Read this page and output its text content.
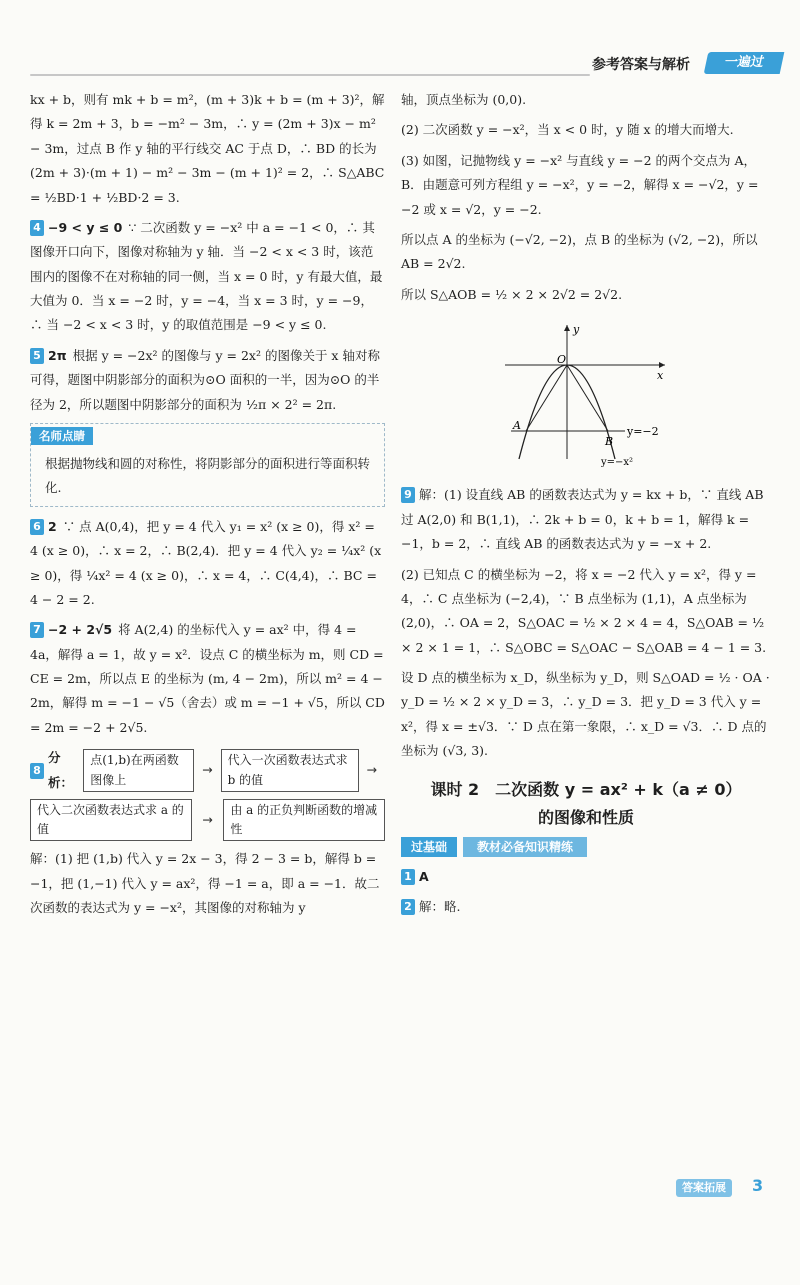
参考答案与解析	一遍过

kx + b，则有 mk + b = m²，(m + 3)k + b = (m + 3)²，解得 k = 2m + 3，b = −m² − 3m，∴ y = (2m + 3)x − m² − 3m，过点 B 作 y 轴的平行线交 AC 于点 D，∴ BD 的长为 (2m + 3)·(m + 1) − m² − 3m − (m + 1)² = 2，∴ S△ABC = ½BD·1 + ½BD·2 = 3.

4 −9 < y ≤ 0 ∵ 二次函数 y = −x² 中 a = −1 < 0，∴ 其图像开口向下，图像对称轴为 y 轴．当 −2 < x < 3 时，该范围内的图像不在对称轴的同一侧，当 x = 0 时，y 有最大值，最大值为 0．当 x = −2 时，y = −4，当 x = 3 时，y = −9，∴ 当 −2 < x < 3 时，y 的取值范围是 −9 < y ≤ 0.

5 2π 根据 y = −2x² 的图像与 y = 2x² 的图像关于 x 轴对称可得，题图中阴影部分的面积为⊙O 面积的一半，因为⊙O 的半径为 2，所以题图中阴影部分的面积为 ½π × 2² = 2π.

名师点睛
根据抛物线和圆的对称性，将阴影部分的面积进行等面积转化.

6 2 ∵ 点 A(0,4)，把 y = 4 代入 y₁ = x² (x ≥ 0)，得 x² = 4 (x ≥ 0)，∴ x = 2，∴ B(2,4)．把 y = 4 代入 y₂ = ¼x² (x ≥ 0)，得 ¼x² = 4 (x ≥ 0)，∴ x = 4，∴ C(4,4)，∴ BC = 4 − 2 = 2.

7 −2 + 2√5 将 A(2,4) 的坐标代入 y = ax² 中，得 4 = 4a，解得 a = 1，故 y = x²．设点 C 的横坐标为 m，则 CD = CE = 2m，所以点 E 的坐标为 (m, 4 − 2m)，所以 m² = 4 − 2m，解得 m = −1 − √5（舍去）或 m = −1 + √5，所以 CD = 2m = −2 + 2√5.

8
分析：
点(1,b)在两函数图像上
→
代入一次函数表达式求 b 的值
→
代入二次函数表达式求 a 的值
→
由 a 的正负判断函数的增减性

解：(1) 把 (1,b) 代入 y = 2x − 3，得 2 − 3 = b，解得 b = −1，把 (1,−1) 代入 y = ax²，得 −1 = a，即 a = −1．故二次函数的表达式为 y = −x²，其图像的对称轴为 y

轴，顶点坐标为 (0,0).

(2) 二次函数 y = −x²，当 x < 0 时，y 随 x 的增大而增大.

(3) 如图，记抛物线 y = −x² 与直线 y = −2 的两个交点为 A，B．由题意可列方程组 y = −x²，y = −2，解得 x = −√2，y = −2 或 x = √2，y = −2.

所以点 A 的坐标为 (−√2, −2)，点 B 的坐标为 (√2, −2)，所以 AB = 2√2.

所以 S△AOB = ½ × 2 × 2√2 = 2√2.

y
x
O
A
B
y=−2
y=−x²

9 解：(1) 设直线 AB 的函数表达式为 y = kx + b，∵ 直线 AB 过 A(2,0) 和 B(1,1)，∴ 2k + b = 0，k + b = 1，解得 k = −1，b = 2，∴ 直线 AB 的函数表达式为 y = −x + 2.

(2) 已知点 C 的横坐标为 −2，将 x = −2 代入 y = x²，得 y = 4，∴ C 点坐标为 (−2,4)，∵ B 点坐标为 (1,1)，A 点坐标为 (2,0)，∴ OA = 2，S△OAC = ½ × 2 × 4 = 4，S△OAB = ½ × 2 × 1 = 1，∴ S△OBC = S△OAC − S△OAB = 4 − 1 = 3.

设 D 点的横坐标为 x_D，纵坐标为 y_D，则 S△OAD = ½ · OA · y_D = ½ × 2 × y_D = 3，∴ y_D = 3．把 y_D = 3 代入 y = x²，得 x = ±√3．∵ D 点在第一象限，∴ x_D = √3．∴ D 点的坐标为 (√3, 3).

课时 2　二次函数 y = ax² + k（a ≠ 0）
的图像和性质
过基础	教材必备知识精练

1 A

2 解：略.

答案拓展	3
